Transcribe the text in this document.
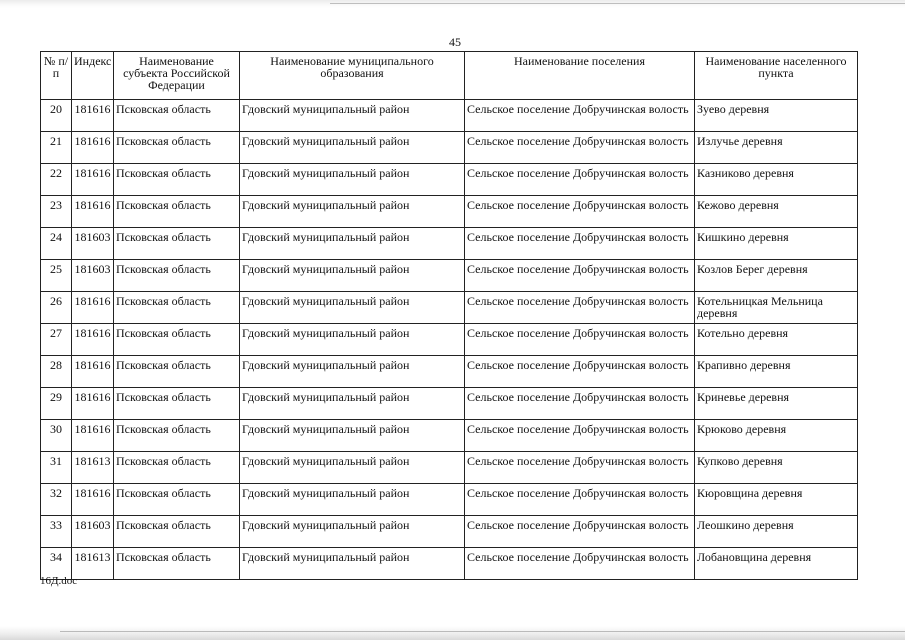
45
№ п/п	Индекс	Наименование субъекта Российской Федерации	Наименование муниципального образования	Наименование поселения	Наименование населенного пункта
20	181616	Псковская область	Гдовский муниципальный район	Сельское поселение Добручинская волость	Зуево деревня
21	181616	Псковская область	Гдовский муниципальный район	Сельское поселение Добручинская волость	Излучье деревня
22	181616	Псковская область	Гдовский муниципальный район	Сельское поселение Добручинская волость	Казниково деревня
23	181616	Псковская область	Гдовский муниципальный район	Сельское поселение Добручинская волость	Кежово деревня
24	181603	Псковская область	Гдовский муниципальный район	Сельское поселение Добручинская волость	Кишкино деревня
25	181603	Псковская область	Гдовский муниципальный район	Сельское поселение Добручинская волость	Козлов Берег деревня
26	181616	Псковская область	Гдовский муниципальный район	Сельское поселение Добручинская волость	Котельницкая Мельница деревня
27	181616	Псковская область	Гдовский муниципальный район	Сельское поселение Добручинская волость	Котельно деревня
28	181616	Псковская область	Гдовский муниципальный район	Сельское поселение Добручинская волость	Крапивно деревня
29	181616	Псковская область	Гдовский муниципальный район	Сельское поселение Добручинская волость	Криневье деревня
30	181616	Псковская область	Гдовский муниципальный район	Сельское поселение Добручинская волость	Крюково деревня
31	181613	Псковская область	Гдовский муниципальный район	Сельское поселение Добручинская волость	Купково деревня
32	181616	Псковская область	Гдовский муниципальный район	Сельское поселение Добручинская волость	Кюровщина деревня
33	181603	Псковская область	Гдовский муниципальный район	Сельское поселение Добручинская волость	Леошкино деревня
34	181613	Псковская область	Гдовский муниципальный район	Сельское поселение Добручинская волость	Лобановщина деревня
16Д.doc
